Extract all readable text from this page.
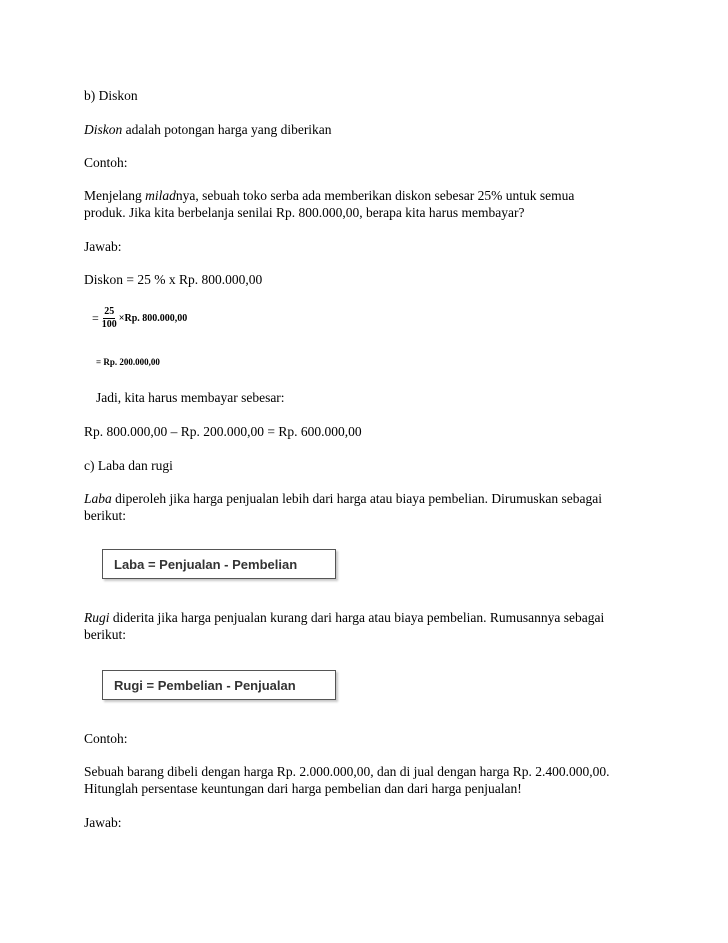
b) Diskon
Diskon adalah potongan harga yang diberikan
Contoh:
Menjelang miladnya, sebuah toko serba ada memberikan diskon sebesar 25% untuk semua
produk. Jika kita berbelanja senilai Rp. 800.000,00, berapa kita harus membayar?
Jawab:
Diskon = 25 % x Rp. 800.000,00
= $\frac{25}{100} \times Rp$. 800.000,00
= Rp. 200.000,00
Jadi, kita harus membayar sebesar:
Rp. 800.000,00 – Rp. 200.000,00 = Rp. 600.000,00
c) Laba dan rugi
Laba diperoleh jika harga penjualan lebih dari harga atau biaya pembelian. Dirumuskan sebagai
berikut:
Laba = Penjualan - Pembelian
Rugi diderita jika harga penjualan kurang dari harga atau biaya pembelian. Rumusannya sebagai
berikut:
Rugi = Pembelian - Penjualan
Contoh:
Sebuah barang dibeli dengan harga Rp. 2.000.000,00, dan di jual dengan harga Rp. 2.400.000,00.
Hitunglah persentase keuntungan dari harga pembelian dan dari harga penjualan!
Jawab:
